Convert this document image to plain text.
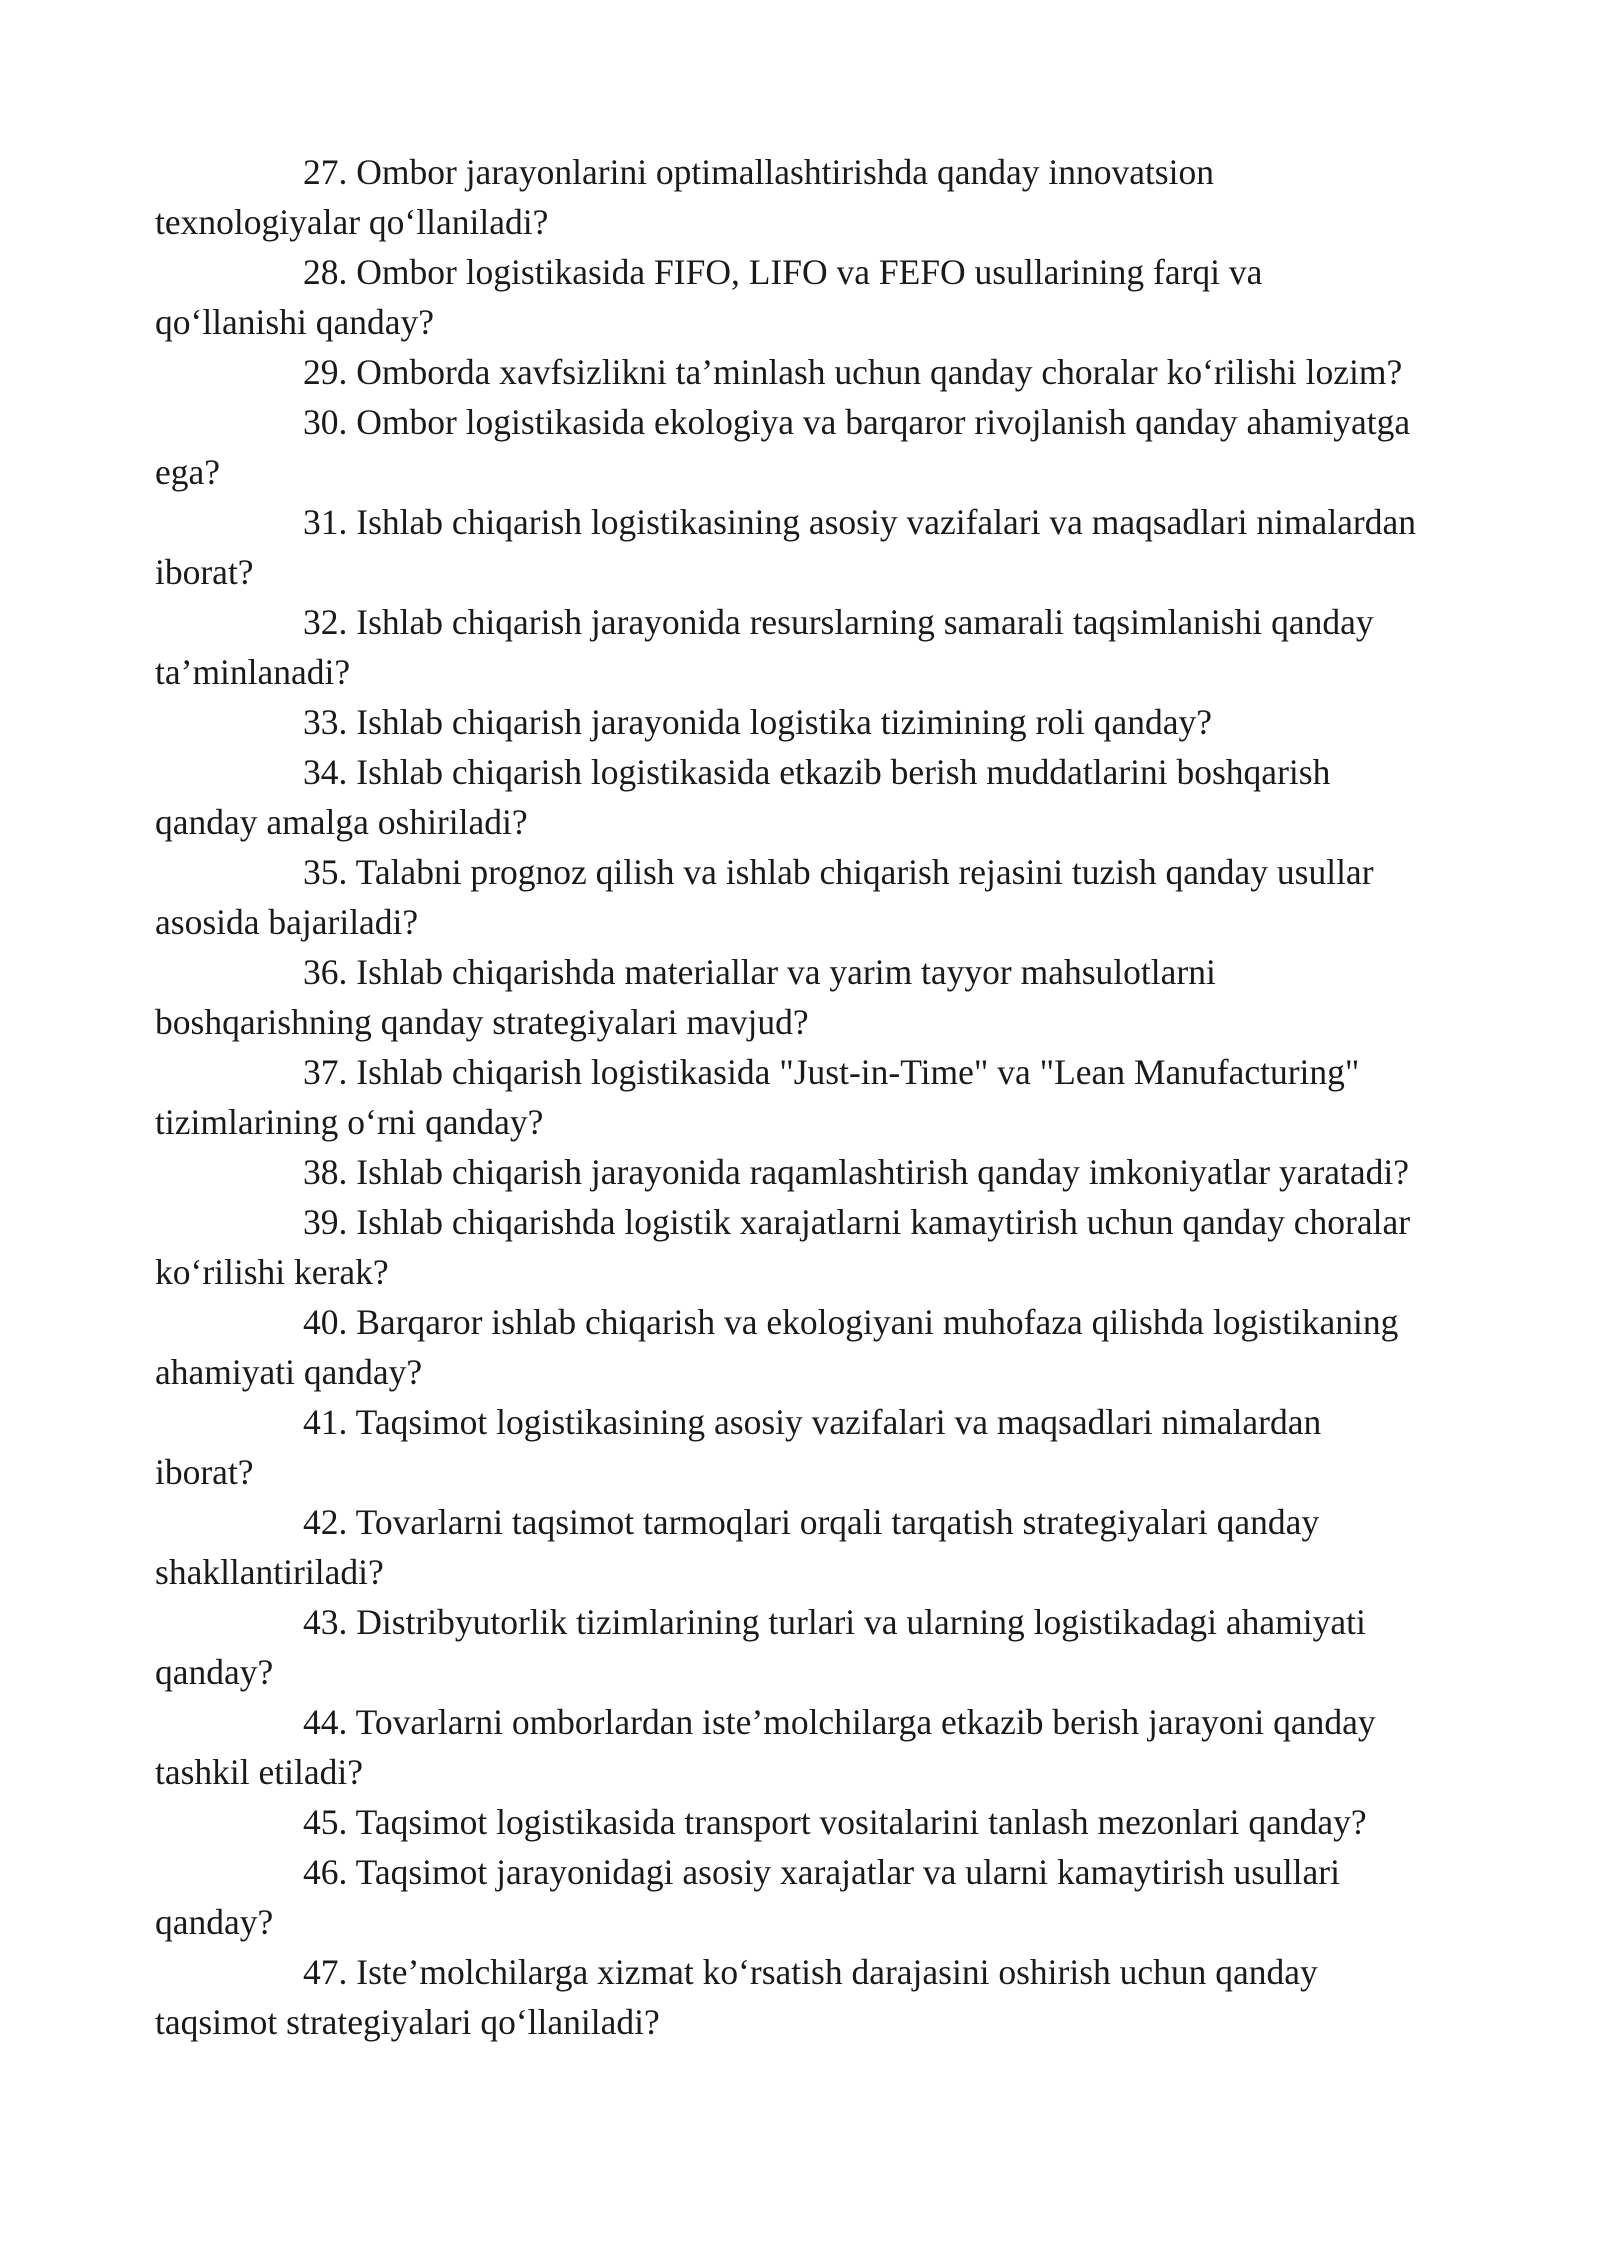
27. Ombor jarayonlarini optimallashtirishda qanday innovatsion
texnologiyalar qo‘llaniladi?

28. Ombor logistikasida FIFO, LIFO va FEFO usullarining farqi va
qo‘llanishi qanday?

29. Omborda xavfsizlikni ta’minlash uchun qanday choralar ko‘rilishi lozim?

30. Ombor logistikasida ekologiya va barqaror rivojlanish qanday ahamiyatga
ega?

31. Ishlab chiqarish logistikasining asosiy vazifalari va maqsadlari nimalardan
iborat?

32. Ishlab chiqarish jarayonida resurslarning samarali taqsimlanishi qanday
ta’minlanadi?

33. Ishlab chiqarish jarayonida logistika tizimining roli qanday?

34. Ishlab chiqarish logistikasida etkazib berish muddatlarini boshqarish
qanday amalga oshiriladi?

35. Talabni prognoz qilish va ishlab chiqarish rejasini tuzish qanday usullar
asosida bajariladi?

36. Ishlab chiqarishda materiallar va yarim tayyor mahsulotlarni
boshqarishning qanday strategiyalari mavjud?

37. Ishlab chiqarish logistikasida "Just-in-Time" va "Lean Manufacturing"
tizimlarining o‘rni qanday?

38. Ishlab chiqarish jarayonida raqamlashtirish qanday imkoniyatlar yaratadi?

39. Ishlab chiqarishda logistik xarajatlarni kamaytirish uchun qanday choralar
ko‘rilishi kerak?

40. Barqaror ishlab chiqarish va ekologiyani muhofaza qilishda logistikaning
ahamiyati qanday?

41. Taqsimot logistikasining asosiy vazifalari va maqsadlari nimalardan
iborat?

42. Tovarlarni taqsimot tarmoqlari orqali tarqatish strategiyalari qanday
shakllantiriladi?

43. Distribyutorlik tizimlarining turlari va ularning logistikadagi ahamiyati
qanday?

44. Tovarlarni omborlardan iste’molchilarga etkazib berish jarayoni qanday
tashkil etiladi?

45. Taqsimot logistikasida transport vositalarini tanlash mezonlari qanday?

46. Taqsimot jarayonidagi asosiy xarajatlar va ularni kamaytirish usullari
qanday?

47. Iste’molchilarga xizmat ko‘rsatish darajasini oshirish uchun qanday
taqsimot strategiyalari qo‘llaniladi?
